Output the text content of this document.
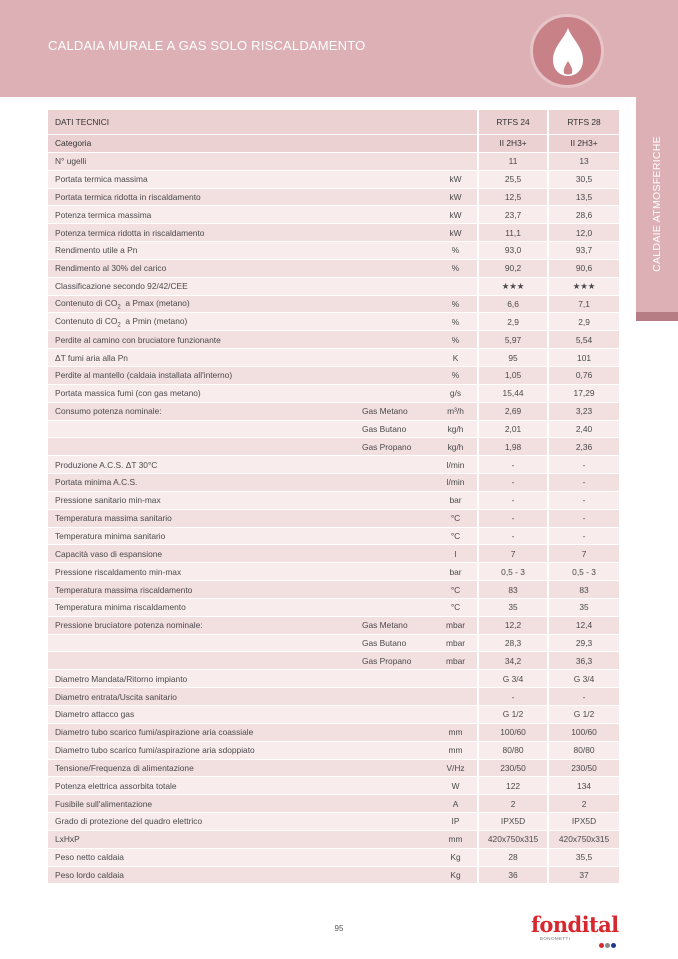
CALDAIA MURALE A GAS SOLO RISCALDAMENTO
CALDAIE ATMOSFERICHE
DATI TECNICI			RTFS 24	RTFS 28
Categoria			II 2H3+	II 2H3+
N° ugelli			11	13
Portata termica massima		kW	25,5	30,5
Portata termica ridotta in riscaldamento		kW	12,5	13,5
Potenza termica massima		kW	23,7	28,6
Potenza termica ridotta in riscaldamento		kW	11,1	12,0
Rendimento utile a Pn		%	93,0	93,7
Rendimento al 30% del carico		%	90,2	90,6
Classificazione secondo 92/42/CEE			★★★	★★★
Contenuto di $CO_2$  a Pmax (metano)		%	6,6	7,1
Contenuto di $CO_2$  a Pmin (metano)		%	2,9	2,9
Perdite al camino con bruciatore funzionante		%	5,97	5,54
ΔT fumi aria alla Pn		K	95	101
Perdite al mantello (caldaia installata all'interno)		%	1,05	0,76
Portata massica fumi (con gas metano)		g/s	15,44	17,29
Consumo potenza nominale:	Gas Metano	m³/h	2,69	3,23
	Gas Butano	kg/h	2,01	2,40
	Gas Propano	kg/h	1,98	2,36
Produzione A.C.S. ΔT 30°C		l/min	-	-
Portata minima A.C.S.		l/min	-	-
Pressione sanitario min-max		bar	-	-
Temperatura massima sanitario		°C	-	-
Temperatura minima sanitario		°C	-	-
Capacità vaso di espansione		l	7	7
Pressione riscaldamento min-max		bar	0,5 - 3	0,5 - 3
Temperatura massima riscaldamento		°C	83	83
Temperatura minima riscaldamento		°C	35	35
Pressione bruciatore potenza nominale:	Gas Metano	mbar	12,2	12,4
	Gas Butano	mbar	28,3	29,3
	Gas Propano	mbar	34,2	36,3
Diametro Mandata/Ritorno impianto			G 3/4	G 3/4
Diametro entrata/Uscita sanitario			-	-
Diametro attacco gas			G 1/2	G 1/2
Diametro tubo scarico fumi/aspirazione aria coassiale		mm	100/60	100/60
Diametro tubo scarico fumi/aspirazione aria sdoppiato		mm	80/80	80/80
Tensione/Frequenza di alimentazione		V/Hz	230/50	230/50
Potenza elettrica assorbita totale		W	122	134
Fusibile sull'alimentazione		A	2	2
Grado di protezione del quadro elettrico		IP	IPX5D	IPX5D
LxHxP		mm	420x750x315	420x750x315
Peso netto caldaia		Kg	28	35,5
Peso lordo caldaia		Kg	36	37
95	fondital
BONOMETTI
